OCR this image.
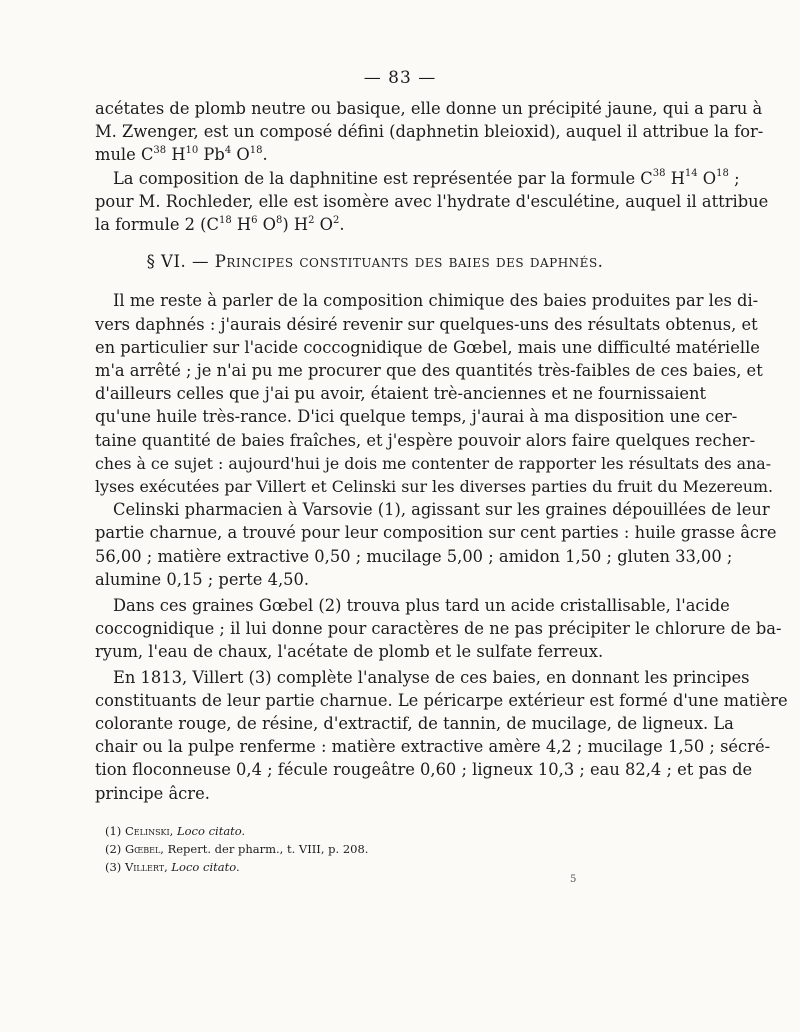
— 83 —

acétates de plomb neutre ou basique, elle donne un précipité jaune, qui a paru à
M. Zwenger, est un composé défini (daphnetin bleioxid), auquel il attribue la for-
mule $C^{38}$ $H^{10}$ Pb$^4$ $O^{18}$.

La composition de la daphnitine est représentée par la formule $C^{38}$ $H^{14}$ $O^{18}$ ;
pour M. Rochleder, elle est isomère avec l'hydrate d'esculétine, auquel il attribue
la formule 2 ($C^{18}$ $H^6$ $O^8$) $H^2$ $O^2$.

§ VI. — Principes constituants des baies des daphnés.

Il me reste à parler de la composition chimique des baies produites par les di-
vers daphnés : j'aurais désiré revenir sur quelques-uns des résultats obtenus, et
en particulier sur l'acide coccognidique de Gœbel, mais une difficulté matérielle
m'a arrêté ; je n'ai pu me procurer que des quantités très-faibles de ces baies, et
d'ailleurs celles que j'ai pu avoir, étaient trè-anciennes et ne fournissaient
qu'une huile très-rance. D'ici quelque temps, j'aurai à ma disposition une cer-
taine quantité de baies fraîches, et j'espère pouvoir alors faire quelques recher-
ches à ce sujet : aujourd'hui je dois me contenter de rapporter les résultats des ana-
lyses exécutées par Villert et Celinski sur les diverses parties du fruit du Mezereum.

Celinski pharmacien à Varsovie (1), agissant sur les graines dépouillées de leur
partie charnue, a trouvé pour leur composition sur cent parties : huile grasse âcre
56,00 ; matière extractive 0,50 ; mucilage 5,00 ; amidon 1,50 ; gluten 33,00 ;
alumine 0,15 ; perte 4,50.

Dans ces graines Gœbel (2) trouva plus tard un acide cristallisable, l'acide
coccognidique ; il lui donne pour caractères de ne pas précipiter le chlorure de ba-
ryum, l'eau de chaux, l'acétate de plomb et le sulfate ferreux.

En 1813, Villert (3) complète l'analyse de ces baies, en donnant les principes
constituants de leur partie charnue. Le péricarpe extérieur est formé d'une matière
colorante rouge, de résine, d'extractif, de tannin, de mucilage, de ligneux. La
chair ou la pulpe renferme : matière extractive amère 4,2 ; mucilage 1,50 ; sécré-
tion floconneuse 0,4 ; fécule rougeâtre 0,60 ; ligneux 10,3 ; eau 82,4 ; et pas de
principe âcre.

(1) Celinski, Loco citato.
(2) Gœbel, Repert. der pharm., t. VIII, p. 208.
(3) Villert, Loco citato.
5
